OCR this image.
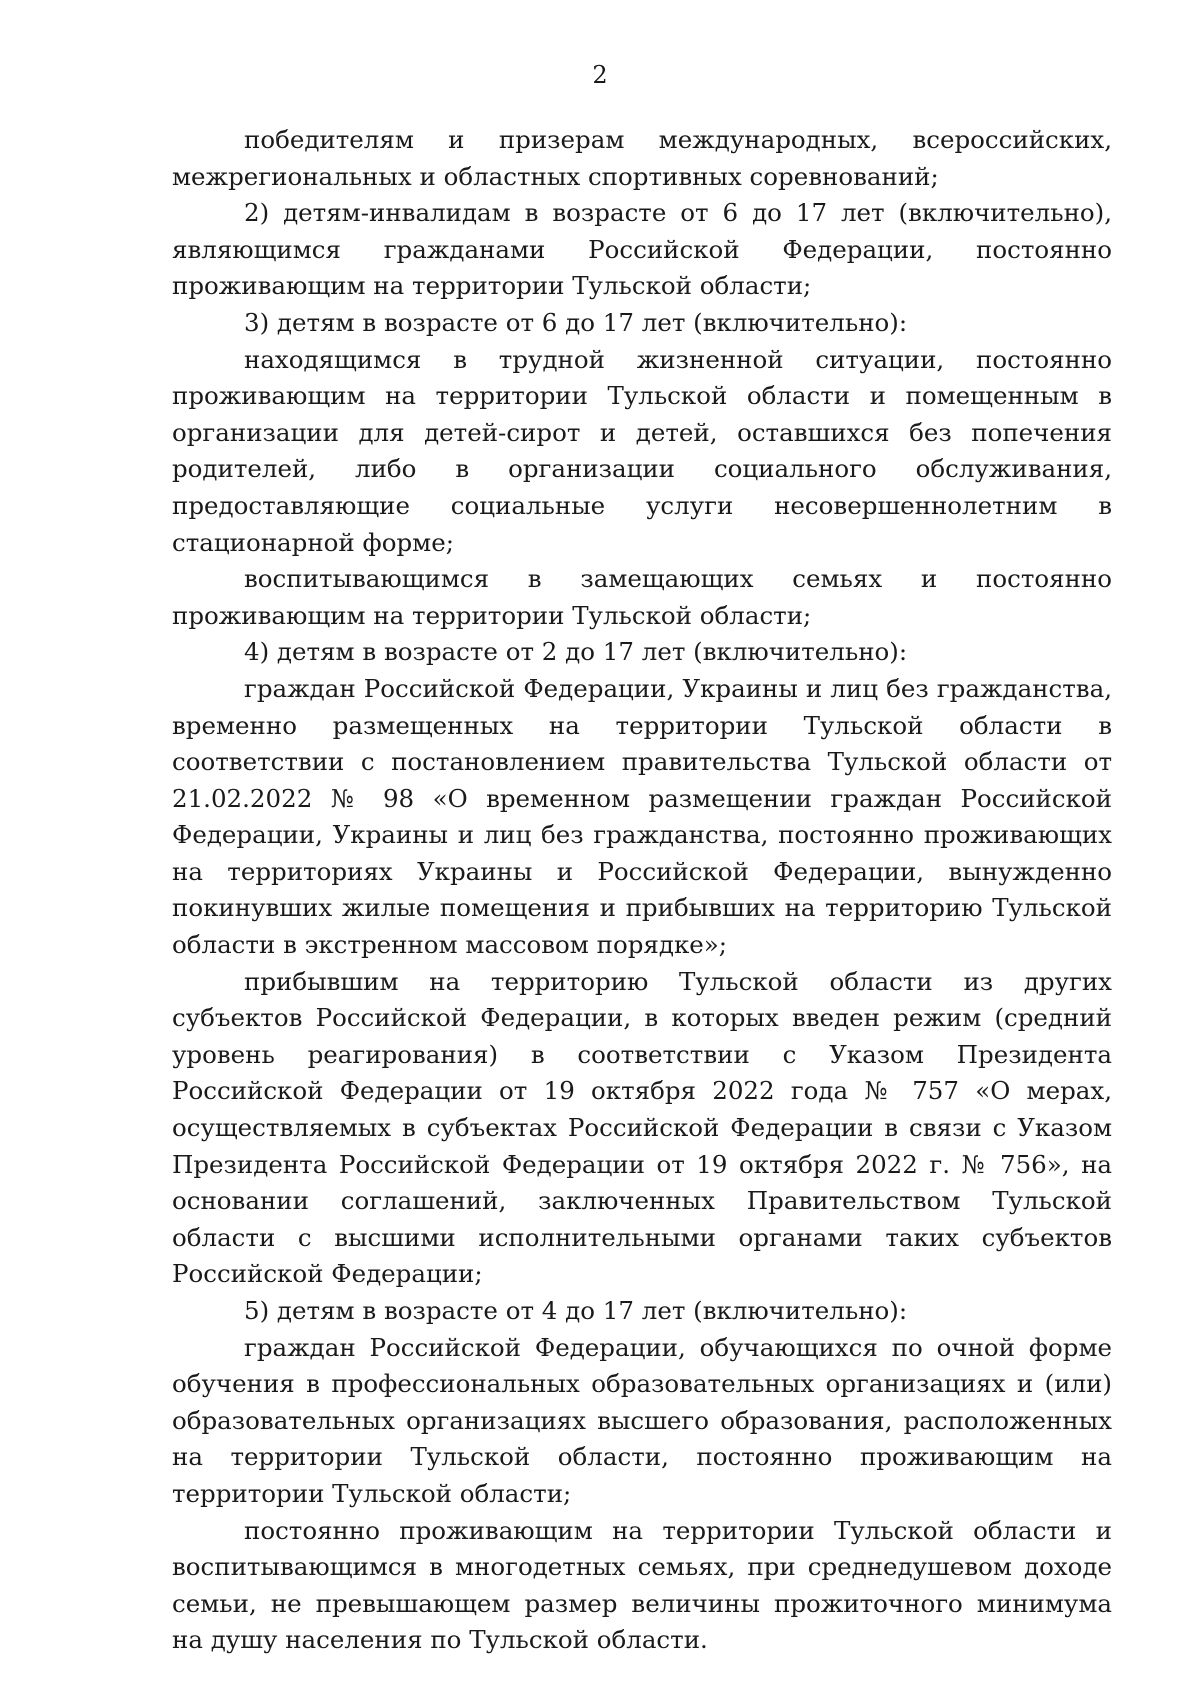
2

победителям и призерам международных, всероссийских, межрегиональных и областных спортивных соревнований;

2) детям-инвалидам в возрасте от 6 до 17 лет (включительно), являющимся гражданами Российской Федерации, постоянно проживающим на территории Тульской области;

3) детям в возрасте от 6 до 17 лет (включительно):

находящимся в трудной жизненной ситуации, постоянно проживающим на территории Тульской области и помещенным в организации для детей-сирот и детей, оставшихся без попечения родителей, либо в организации социального обслуживания, предоставляющие социальные услуги несовершеннолетним в стационарной форме;

воспитывающимся в замещающих семьях и постоянно проживающим на территории Тульской области;

4) детям в возрасте от 2 до 17 лет (включительно):

граждан Российской Федерации, Украины и лиц без гражданства, временно размещенных на территории Тульской области в соответствии с постановлением правительства Тульской области от 21.02.2022 № 98 «О временном размещении граждан Российской Федерации, Украины и лиц без гражданства, постоянно проживающих на территориях Украины и Российской Федерации, вынужденно покинувших жилые помещения и прибывших на территорию Тульской области в экстренном массовом порядке»;

прибывшим на территорию Тульской области из других субъектов Российской Федерации, в которых введен режим (средний уровень реагирования) в соответствии с Указом Президента Российской Федерации от 19 октября 2022 года № 757 «О мерах, осуществляемых в субъектах Российской Федерации в связи с Указом Президента Российской Федерации от 19 октября 2022 г. № 756», на основании соглашений, заключенных Правительством Тульской области с высшими исполнительными органами таких субъектов Российской Федерации;

5) детям в возрасте от 4 до 17 лет (включительно):

граждан Российской Федерации, обучающихся по очной форме обучения в профессиональных образовательных организациях и (или) образовательных организациях высшего образования, расположенных на территории Тульской области, постоянно проживающим на территории Тульской области;

постоянно проживающим на территории Тульской области и воспитывающимся в многодетных семьях, при среднедушевом доходе семьи, не превышающем размер величины прожиточного минимума на душу населения по Тульской области.
